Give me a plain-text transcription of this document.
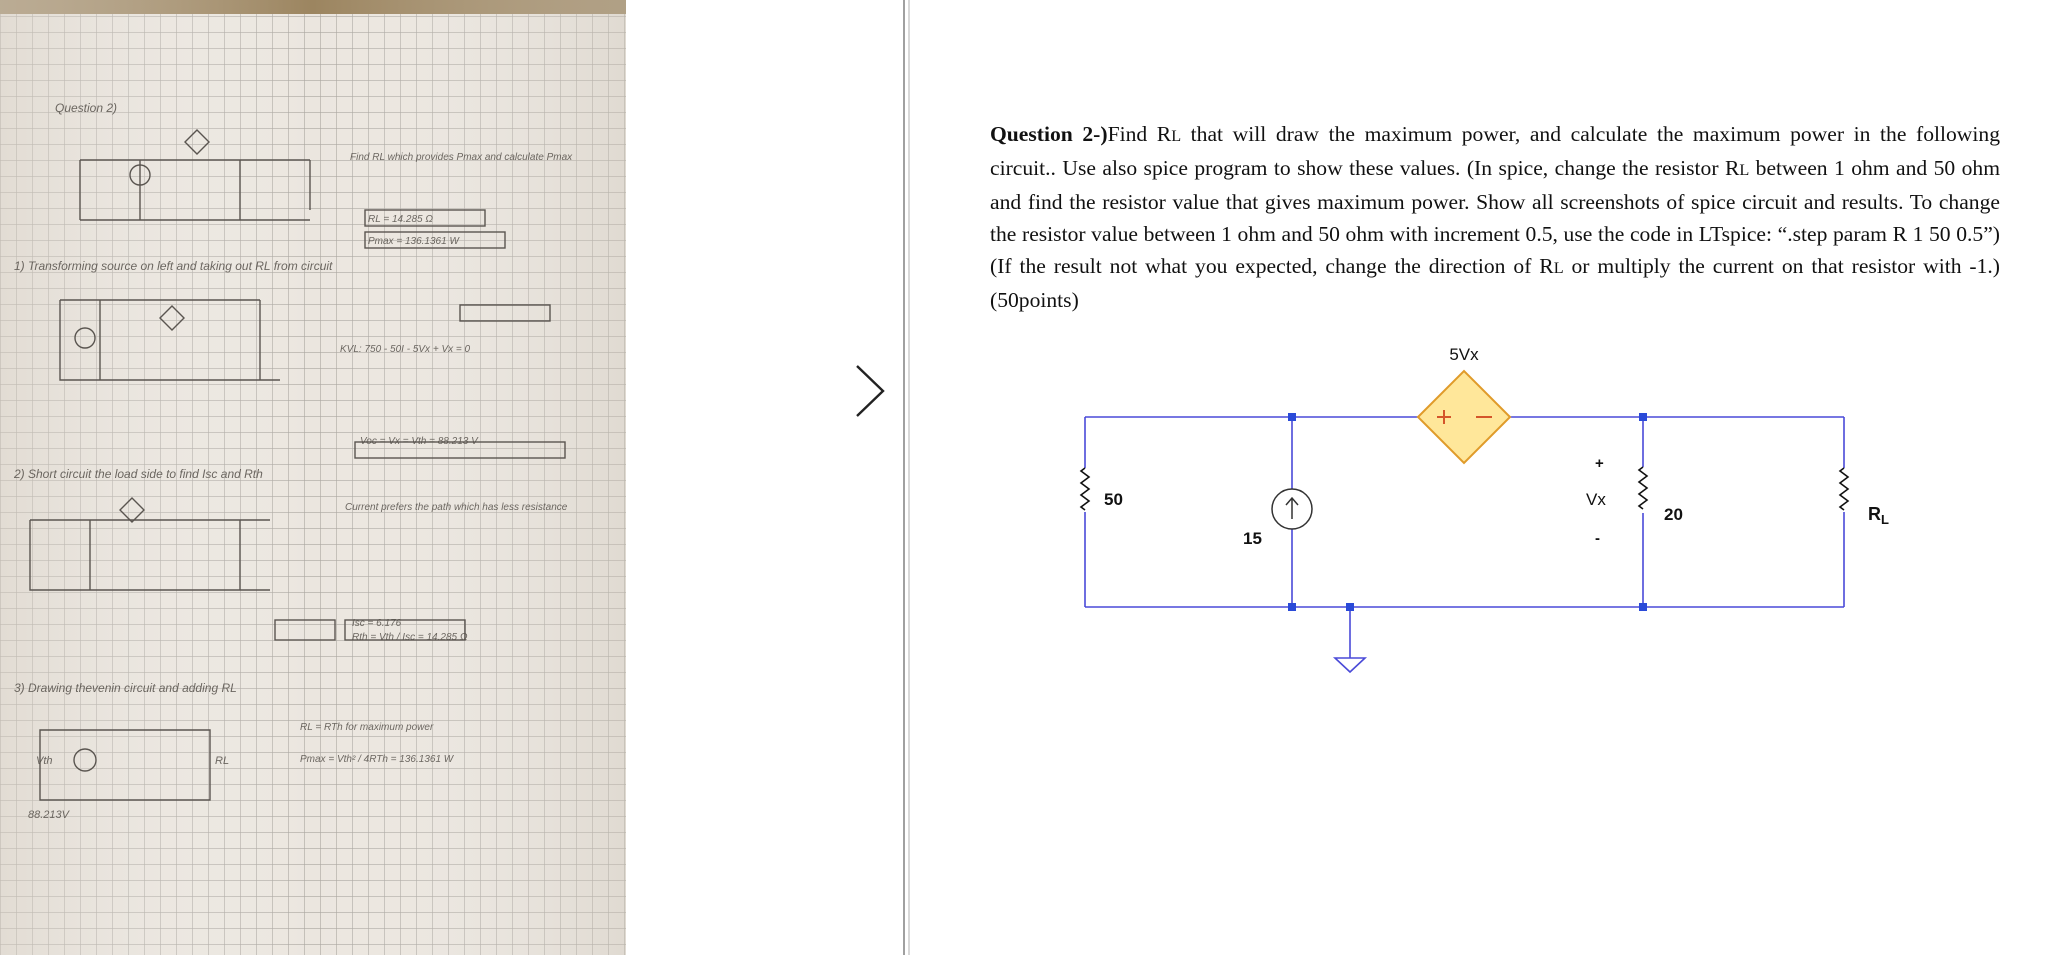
Question 2)
1) Transforming source on left and taking out RL from circuit
2) Short circuit the load side to find Isc and Rth
3) Drawing thevenin circuit and adding RL
Find RL which provides Pmax and calculate Pmax
RL = 14.285 Ω
Pmax = 136.1361 W
KVL: 750 - 50I - 5Vx + Vx = 0
Voc = Vx = Vth = 88.213 V
Current prefers the path which has less resistance
Isc = 6.176
Rth = Vth / Isc = 14.285 Ω
RL = RTh for maximum power
Pmax = Vth² / 4RTh = 136.1361 W
Vth
88.213V
RL
Question 2-)Find RL that will draw the maximum power, and calculate the maximum power in the following circuit.. Use also spice program to show these values. (In spice, change the resistor RL between 1 ohm and 50 ohm and find the resistor value that gives maximum power. Show all screenshots of spice circuit and results. To change the resistor value between 1 ohm and 50 ohm with increment 0.5, use the code in LTspice: “.step param R 1 50 0.5”) (If the result not what you expected, change the direction of RL or multiply the current on that resistor with -1.) (50points)
5Vx
50
15
+
Vx
-
20	$R_L$
